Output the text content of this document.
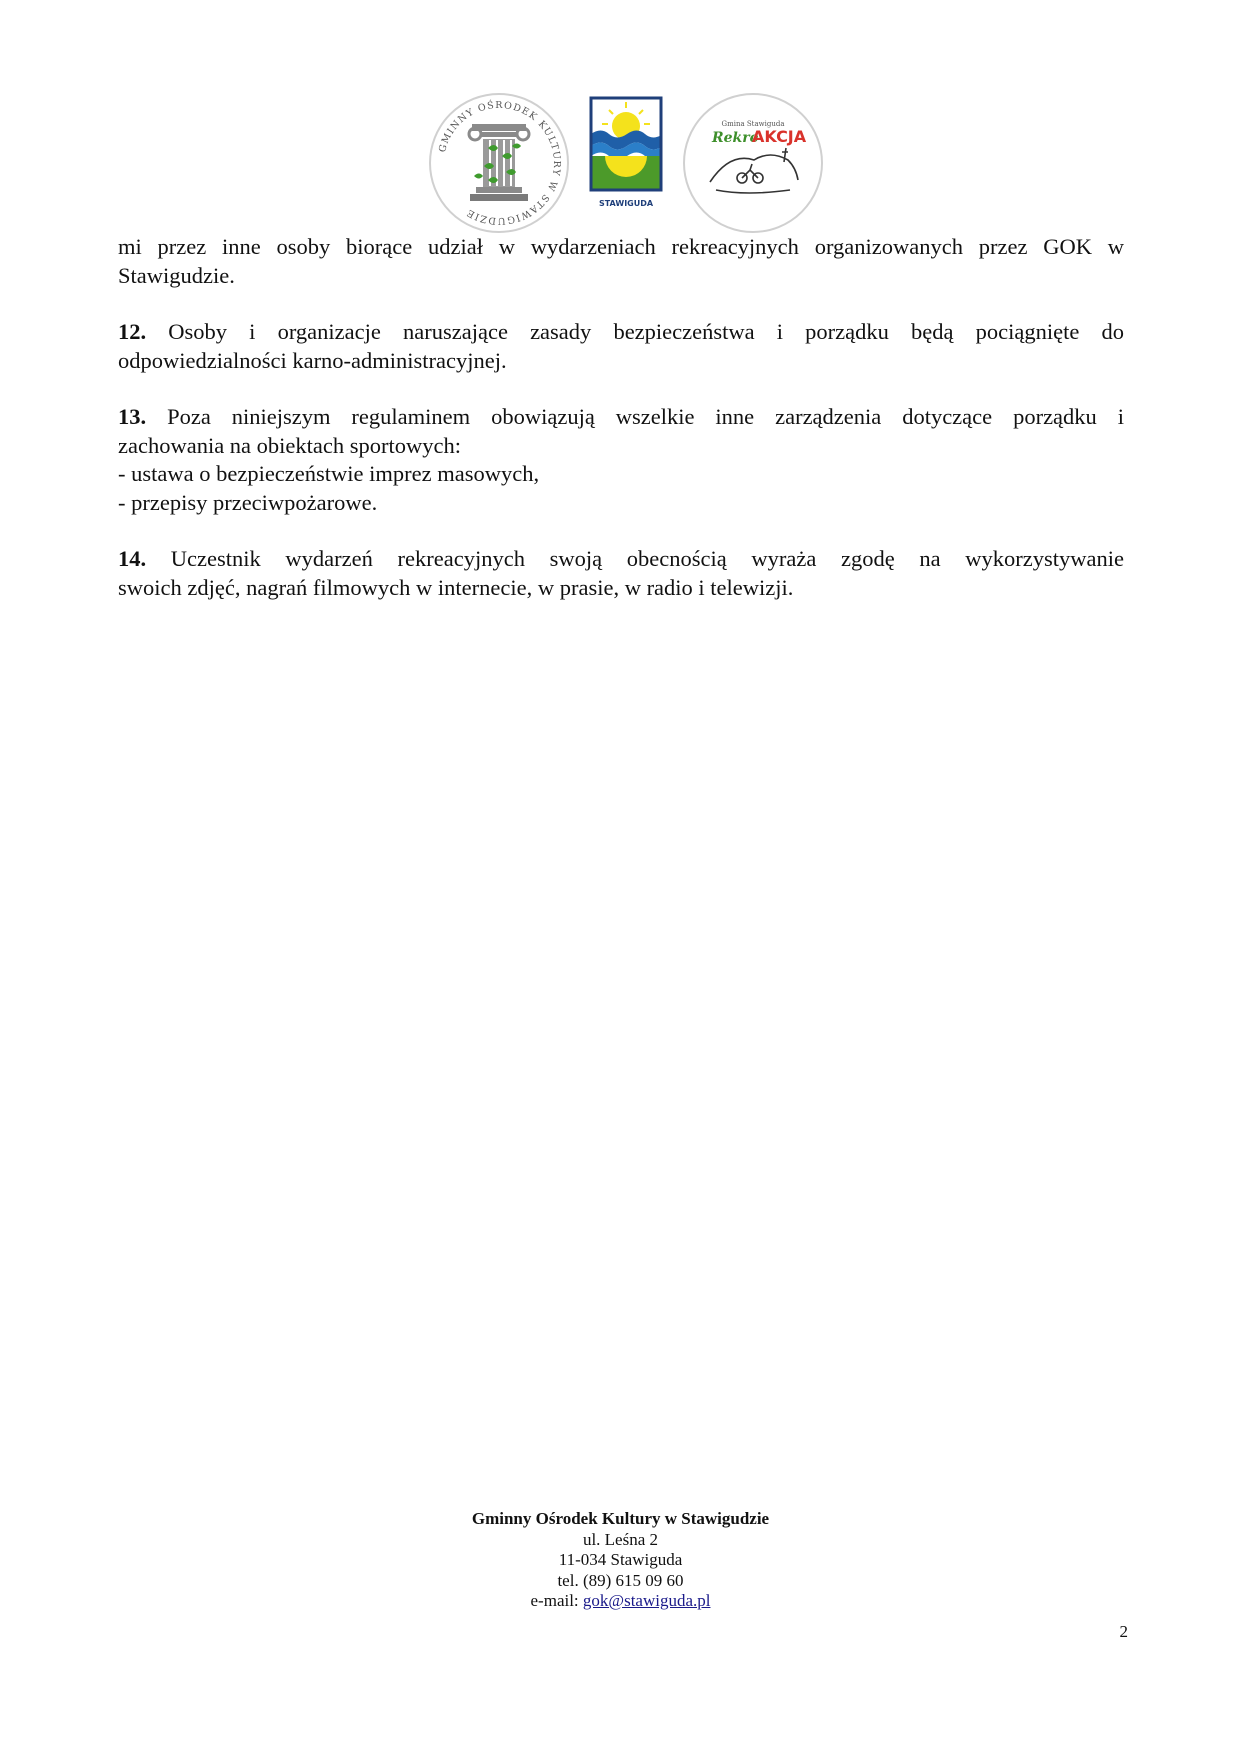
GMINNY OŚRODEK KULTURY W STAWIGUDZIE
STAWIGUDA
Gmina Stawiguda
Rekre
AKCJA

mi przez inne osoby biorące udział w wydarzeniach rekreacyjnych organizowanych przez GOK w
Stawigudzie.

12. Osoby i organizacje naruszające zasady bezpieczeństwa i porządku będą pociągnięte do
odpowiedzialności karno-administracyjnej.

13. Poza niniejszym regulaminem obowiązują wszelkie inne zarządzenia dotyczące porządku i
zachowania na obiektach sportowych:
- ustawa o bezpieczeństwie imprez masowych,
- przepisy przeciwpożarowe.

14. Uczestnik wydarzeń rekreacyjnych swoją obecnością wyraża zgodę na wykorzystywanie
swoich zdjęć, nagrań filmowych w internecie, w prasie, w radio i telewizji.

Gminny Ośrodek Kultury w Stawigudzie
ul. Leśna 2
11-034 Stawiguda
tel. (89) 615 09 60
e-mail: gok@stawiguda.pl
2
